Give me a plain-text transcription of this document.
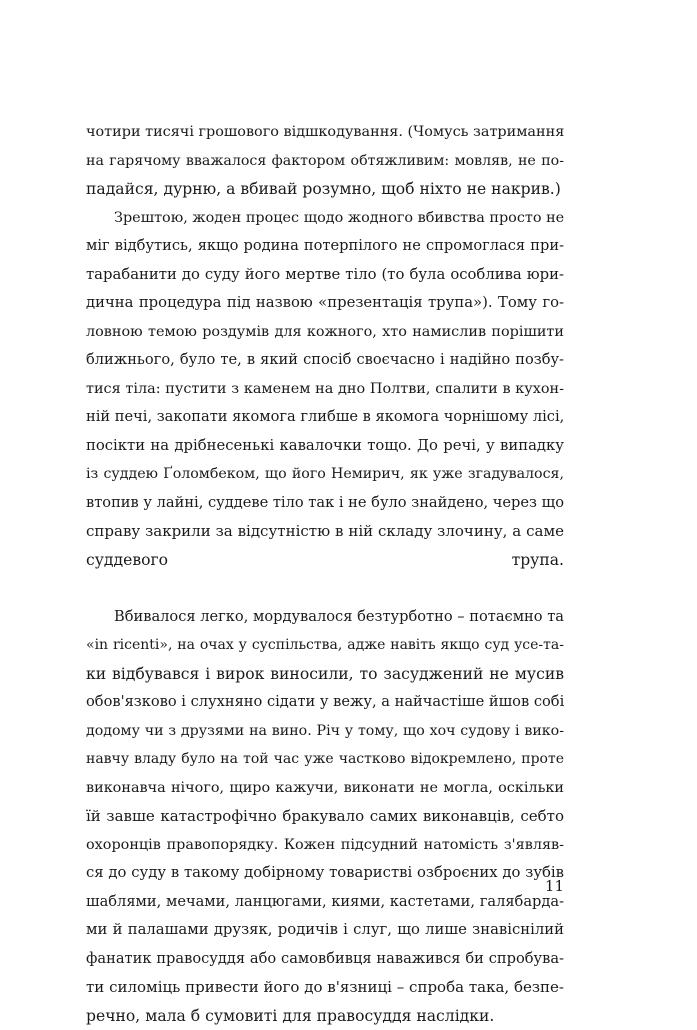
чотири тисячі грошового відшкодування. (Чомусь затримання
на гарячому вважалося фактором обтяжливим: мовляв, не по-
падайся, дурню, а вбивай розумно, щоб ніхто не накрив.)
Зрештою, жоден процес щодо жодного вбивства просто не
міг відбутись, якщо родина потерпілого не спромоглася при-
тарабанити до суду його мертве тіло (то була особлива юри-
дична процедура під назвою «презентація трупа»). Тому го-
ловною темою роздумів для кожного, хто намислив порішити
ближнього, було те, в який спосіб своєчасно і надійно позбу-
тися тіла: пустити з каменем на дно Полтви, спалити в кухон-
ній печі, закопати якомога глибше в якомога чорнішому лісі,
посікти на дрібнесенькі кавалочки тощо. До речі, у випадку
із суддею Ґоломбеком, що його Немирич, як уже згадувалося,
втопив у лайні, суддеве тіло так і не було знайдено, через що
справу закрили за відсутністю в ній складу злочину, а саме
суддевого трупа.
Вбивалося легко, мордувалося безтурботно – потаємно та
«in ricenti», на очах у суспільства, адже навіть якщо суд усе-та-
ки відбувався і вирок виносили, то засуджений не мусив
обов'язково і слухняно сідати у вежу, а найчастіше йшов собі
додому чи з друзями на вино. Річ у тому, що хоч судову і вико-
навчу владу було на той час уже частково відокремлено, проте
виконавча нічого, щиро кажучи, виконати не могла, оскільки
їй завше катастрофічно бракувало самих виконавців, себто
охоронців правопорядку. Кожен підсудний натомість з'являв-
ся до суду в такому добірному товаристві озброєних до зубів
шаблями, мечами, ланцюгами, киями, кастетами, галябарда-
ми й палашами друзяк, родичів і слуг, що лише знавіснілий
фанатик правосуддя або самовбивця наважився би спробува-
ти силоміць привести його до в'язниці – спроба така, безпе-
речно, мала б сумовиті для правосуддя наслідки.
11
